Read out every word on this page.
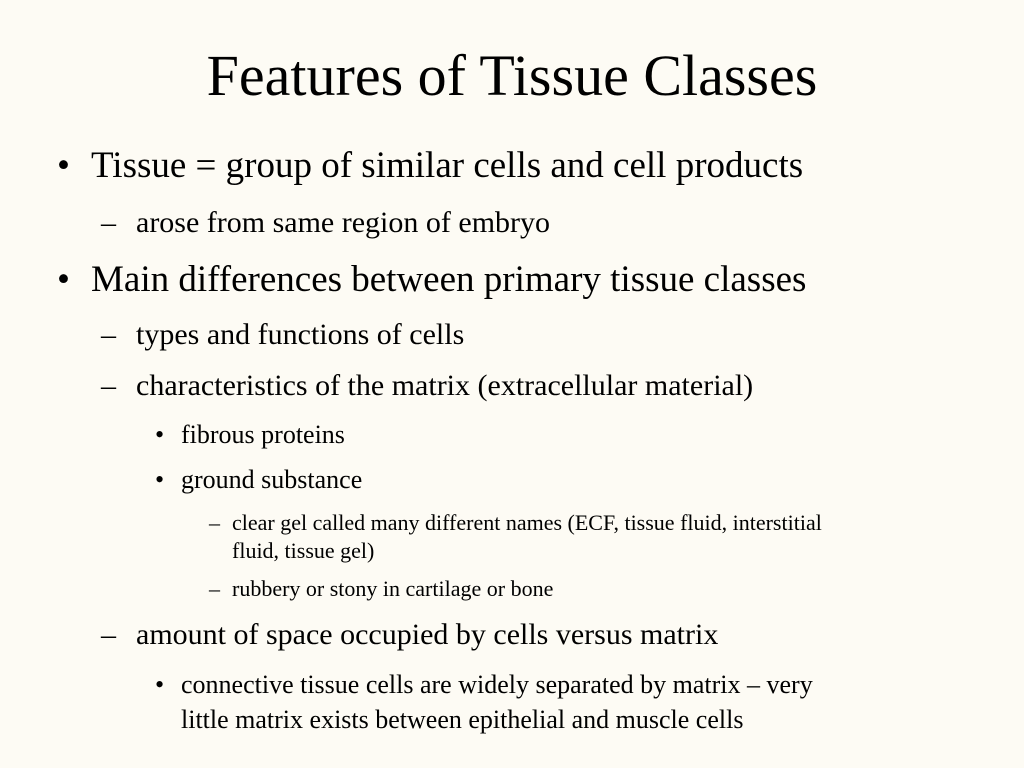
Features of Tissue Classes
• Tissue = group of similar cells and cell products
– arose from same region of embryo
• Main differences between primary tissue classes
– types and functions of cells
– characteristics of the matrix (extracellular material)
• fibrous proteins
• ground substance
– clear gel called many different names (ECF, tissue fluid, interstitial
fluid, tissue gel)
– rubbery or stony in cartilage or bone
– amount of space occupied by cells versus matrix
• connective tissue cells are widely separated by matrix – very
little matrix exists between epithelial and muscle cells
